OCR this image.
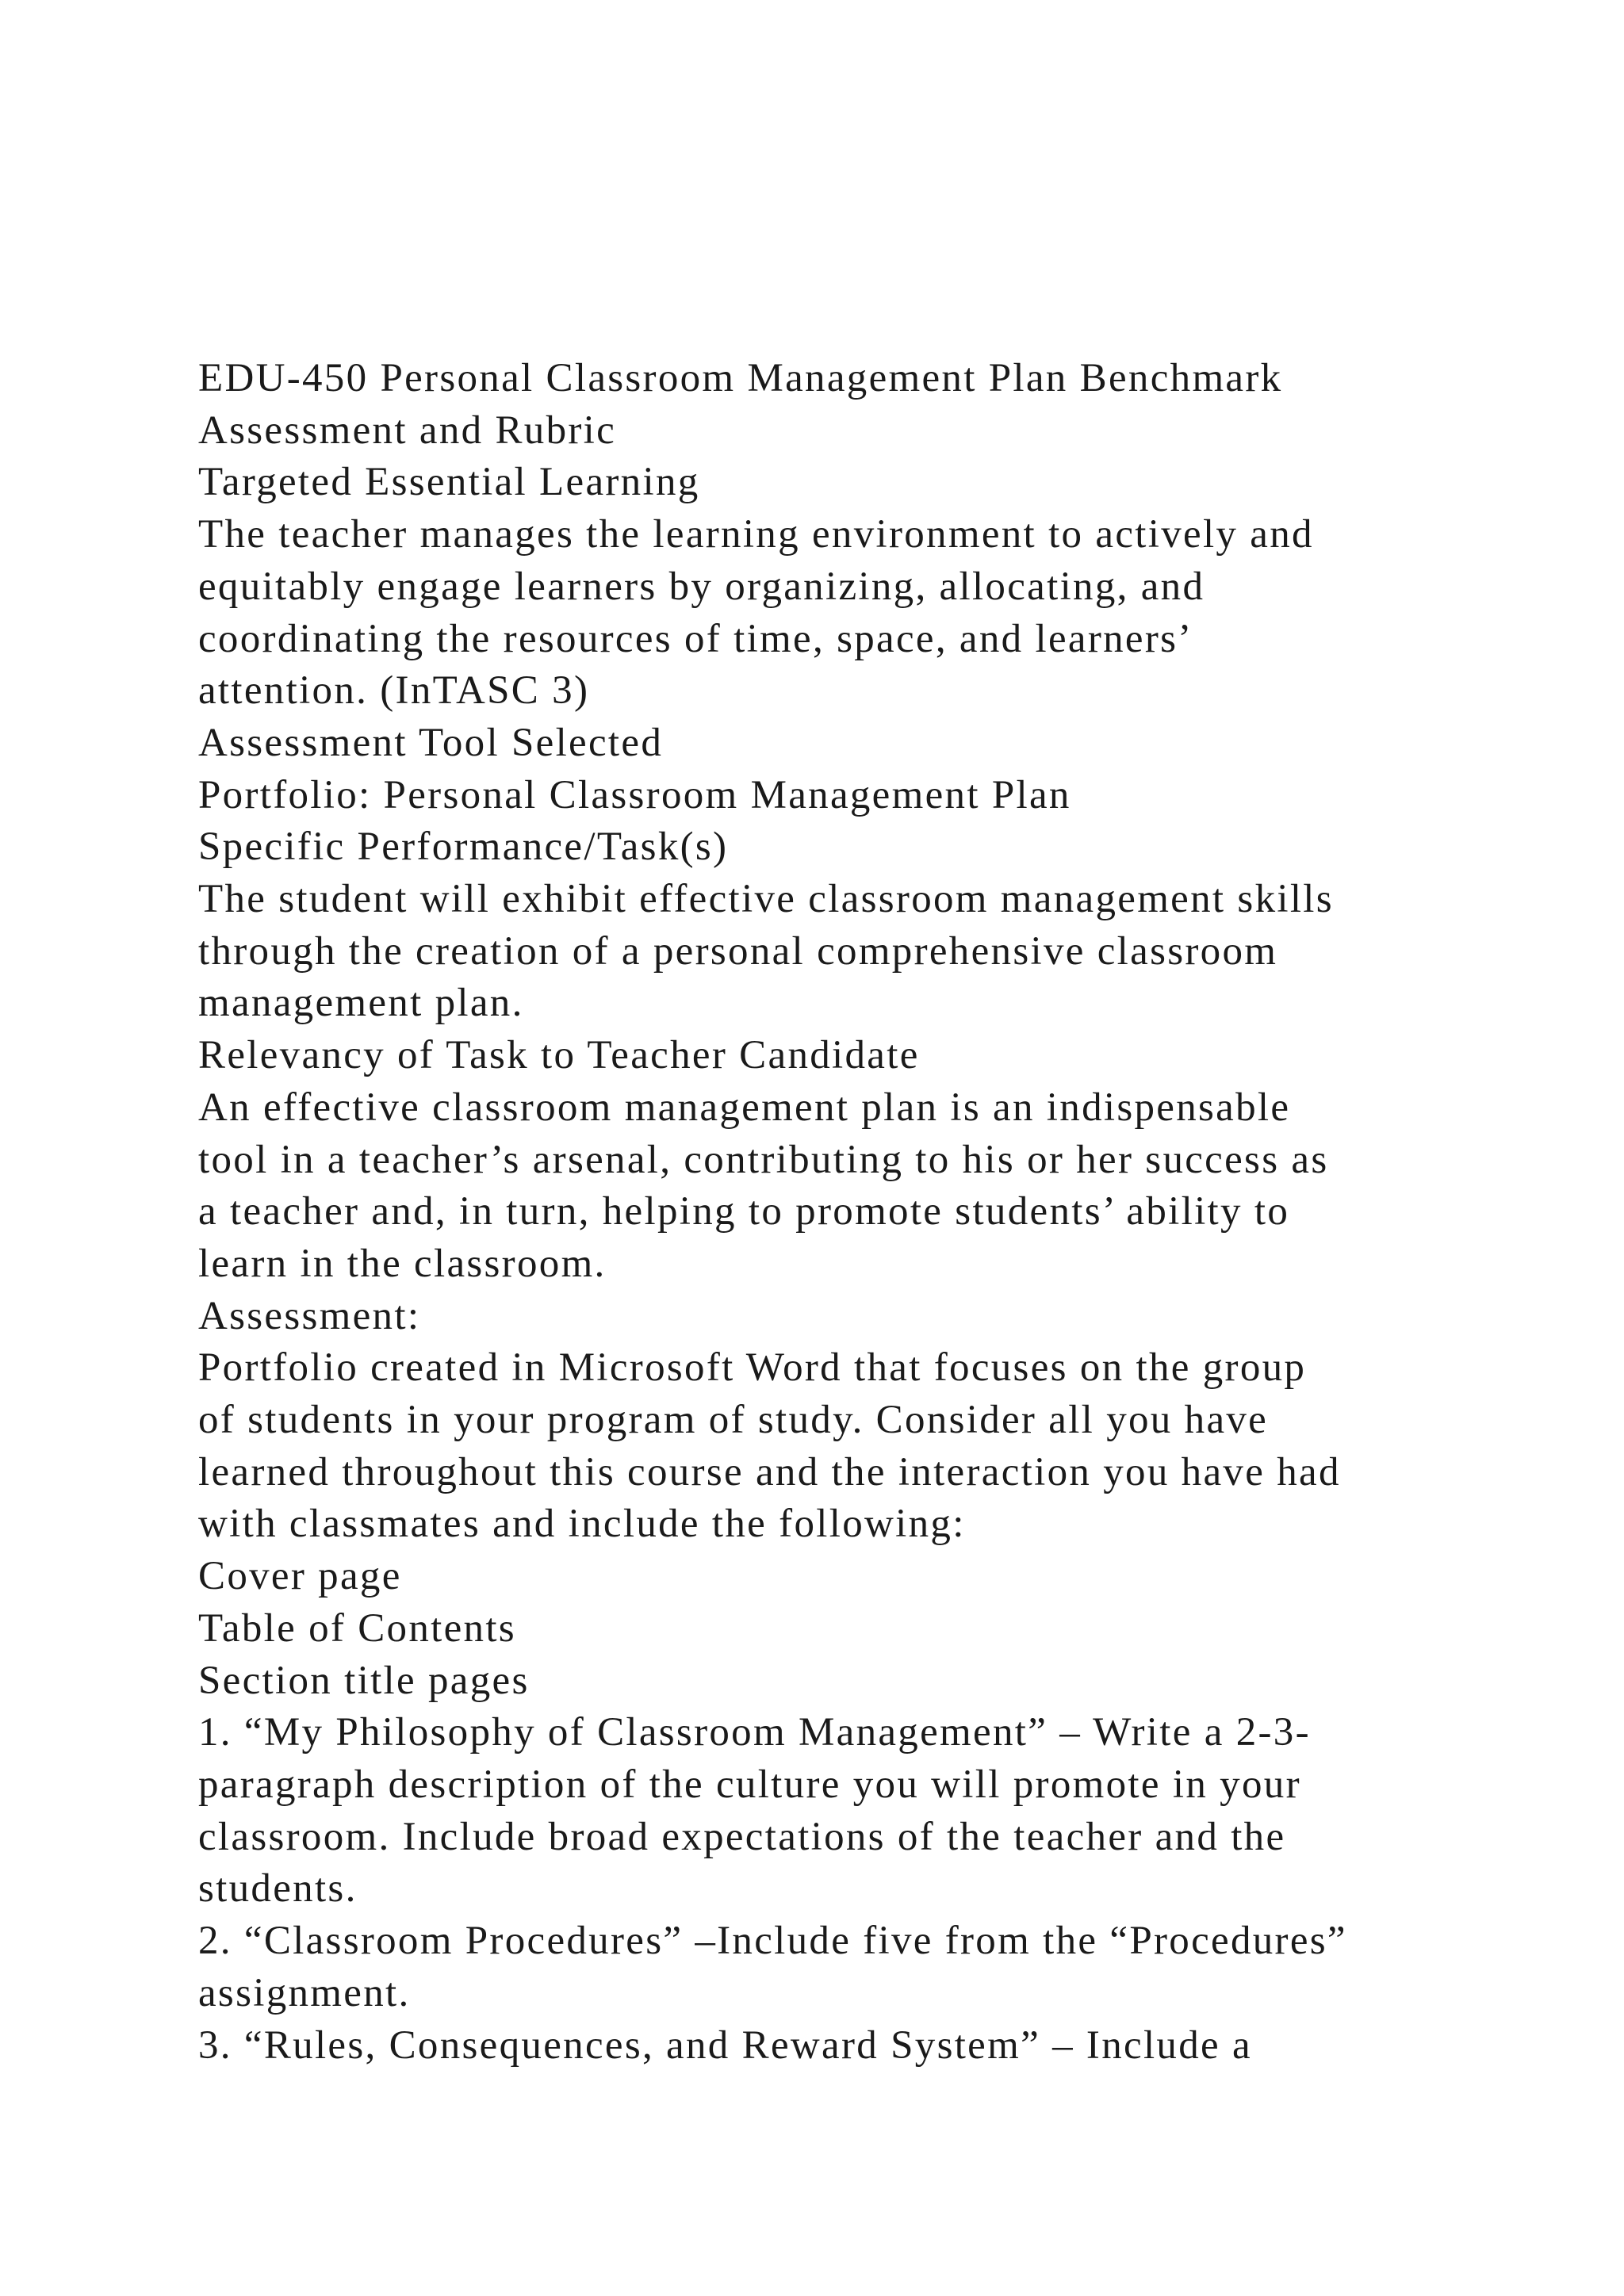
EDU-450 Personal Classroom Management Plan Benchmark
Assessment and Rubric
Targeted Essential Learning
The teacher manages the learning environment to actively and
equitably engage learners by organizing, allocating, and
coordinating the resources of time, space, and learners’
attention. (InTASC 3)
Assessment Tool Selected
Portfolio: Personal Classroom Management Plan
Specific Performance/Task(s)
The student will exhibit effective classroom management skills
through the creation of a personal comprehensive classroom
management plan.
Relevancy of Task to Teacher Candidate
An effective classroom management plan is an indispensable
tool in a teacher’s arsenal, contributing to his or her success as
a teacher and, in turn, helping to promote students’ ability to
learn in the classroom.
Assessment:
Portfolio created in Microsoft Word that focuses on the group
of students in your program of study. Consider all you have
learned throughout this course and the interaction you have had
with classmates and include the following:
Cover page
Table of Contents
Section title pages
1. “My Philosophy of Classroom Management” – Write a 2-3-
paragraph description of the culture you will promote in your
classroom. Include broad expectations of the teacher and the
students.
2. “Classroom Procedures” –Include five from the “Procedures”
assignment.
3. “Rules, Consequences, and Reward System” – Include a
